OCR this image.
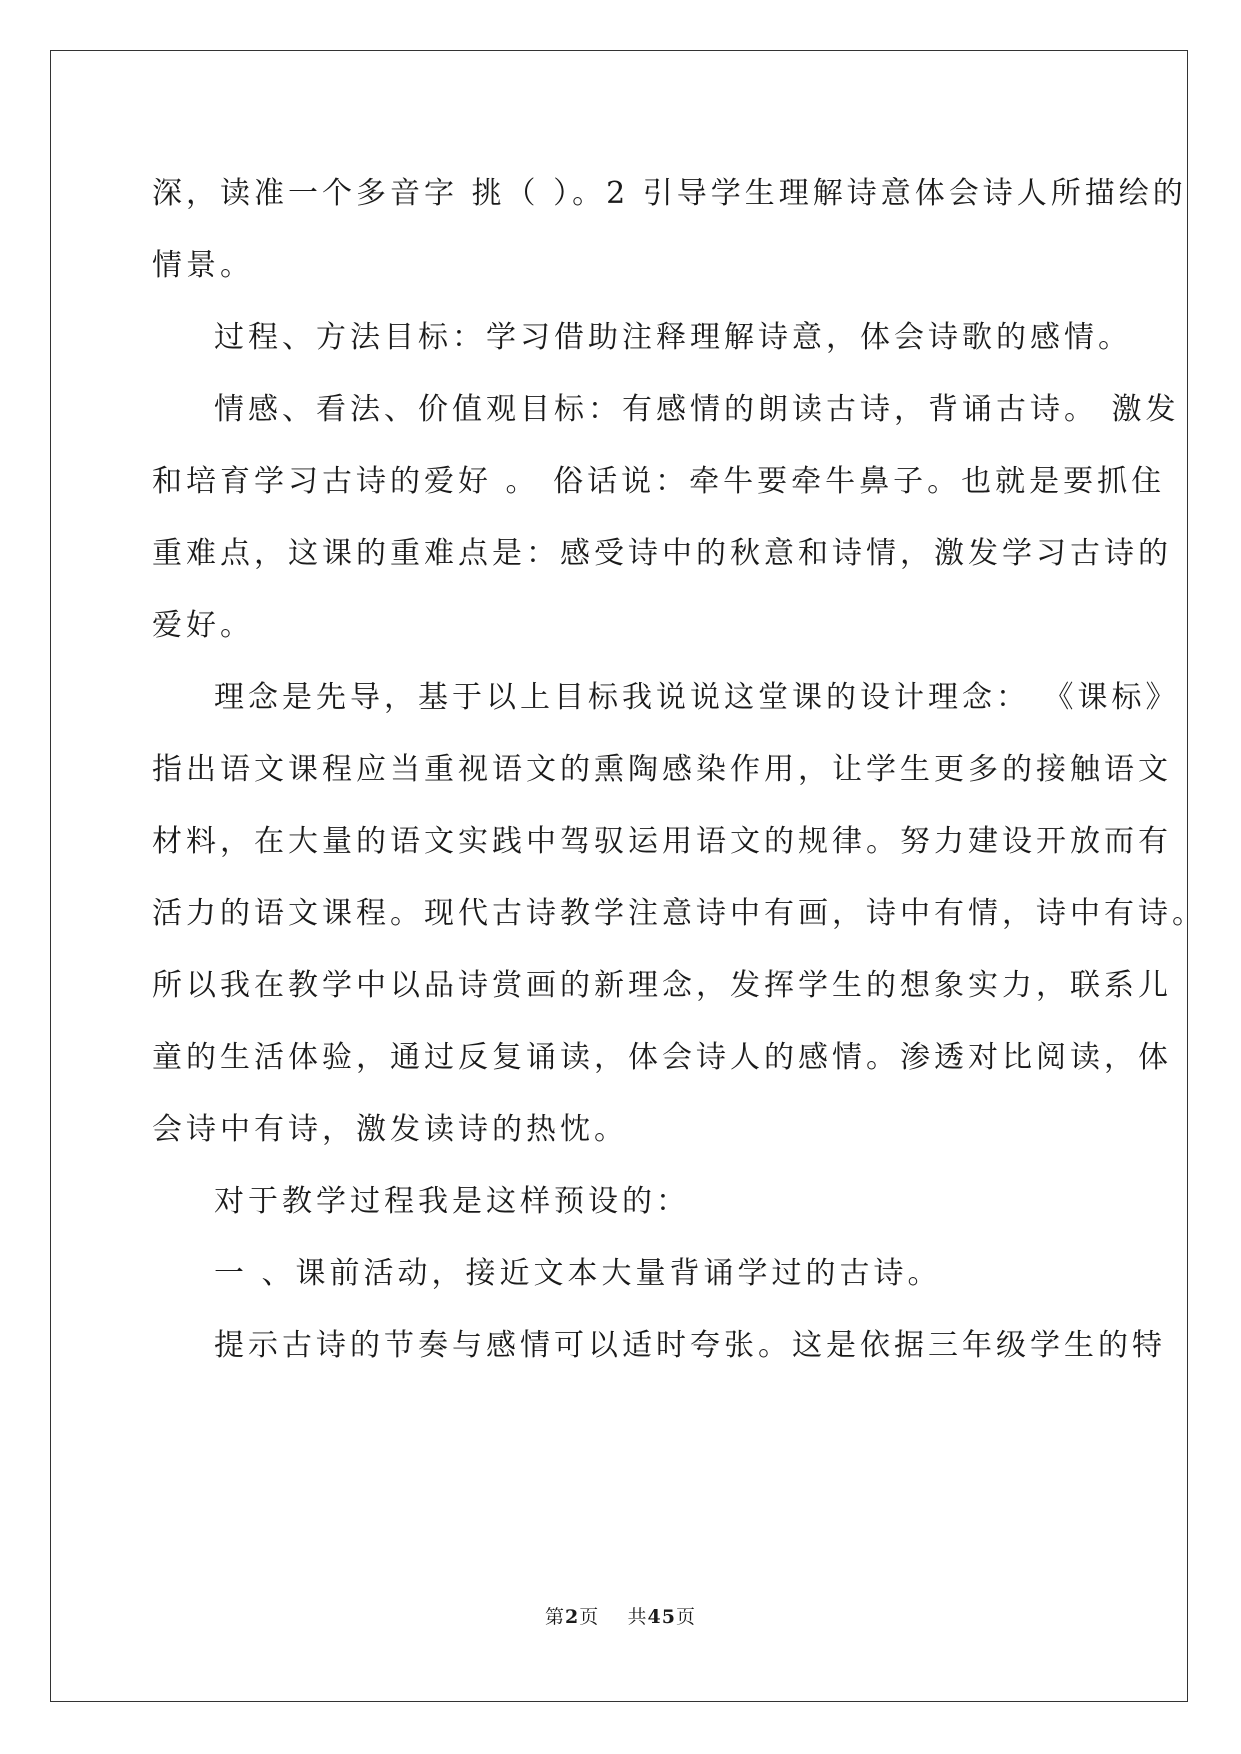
深，读准一个多音字 挑（ ）。2 引导学生理解诗意体会诗人所描绘的
情景。
过程、方法目标：学习借助注释理解诗意，体会诗歌的感情。
情感、看法、价值观目标：有感情的朗读古诗，背诵古诗。 激发
和培育学习古诗的爱好 。 俗话说：牵牛要牵牛鼻子。也就是要抓住
重难点，这课的重难点是：感受诗中的秋意和诗情，激发学习古诗的
爱好。
理念是先导，基于以上目标我说说这堂课的设计理念： 《课标》
指出语文课程应当重视语文的熏陶感染作用，让学生更多的接触语文
材料，在大量的语文实践中驾驭运用语文的规律。努力建设开放而有
活力的语文课程。现代古诗教学注意诗中有画，诗中有情，诗中有诗。
所以我在教学中以品诗赏画的新理念，发挥学生的想象实力，联系儿
童的生活体验，通过反复诵读，体会诗人的感情。渗透对比阅读，体
会诗中有诗，激发读诗的热忱。
对于教学过程我是这样预设的：
一 、课前活动，接近文本大量背诵学过的古诗。
提示古诗的节奏与感情可以适时夸张。这是依据三年级学生的特
第2页 共45页
